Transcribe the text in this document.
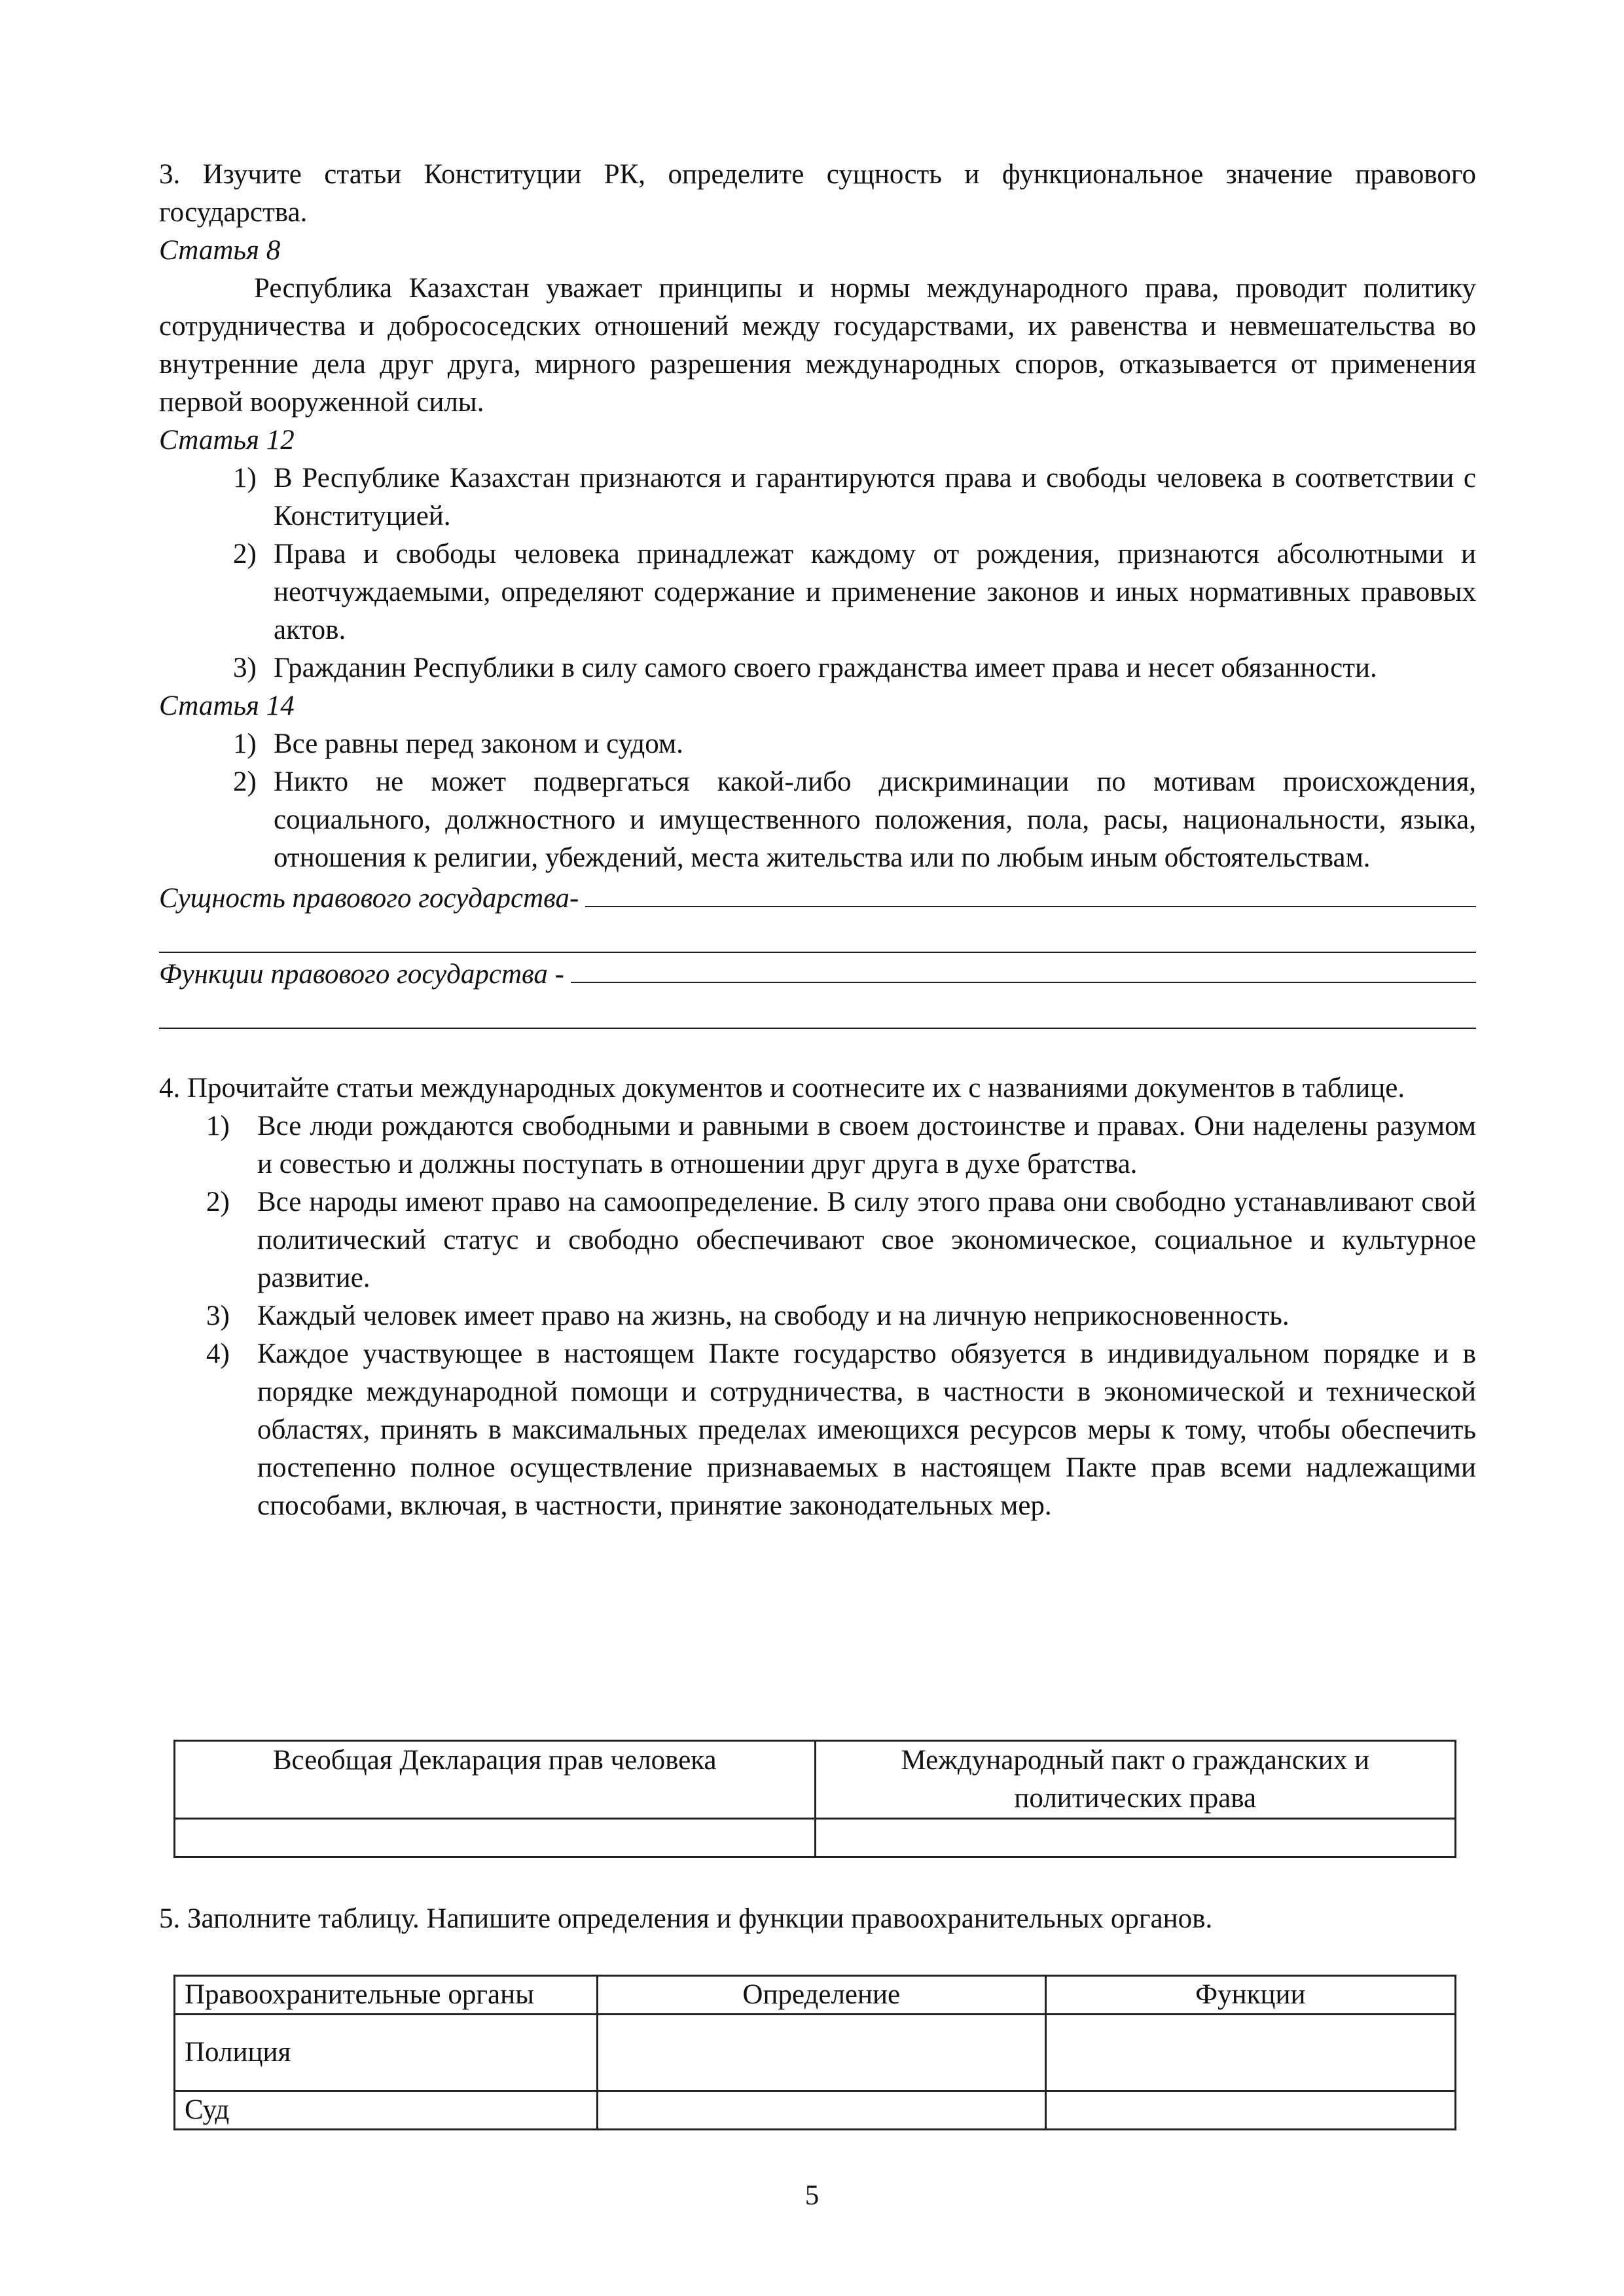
3. Изучите статьи Конституции РК, определите сущность и функциональное значение правового государства.

Статья 8

Республика Казахстан уважает принципы и нормы международного права, проводит политику сотрудничества и добрососедских отношений между государствами, их равенства и невмешательства во внутренние дела друг друга, мирного разрешения международных споров, отказывается от применения первой вооруженной силы.

Статья 12

1) В Республике Казахстан признаются и гарантируются права и свободы человека в соответствии с Конституцией.
2) Права и свободы человека принадлежат каждому от рождения, признаются абсолютными и неотчуждаемыми, определяют содержание и применение законов и иных нормативных правовых актов.
3) Гражданин Республики в силу самого своего гражданства имеет права и несет обязанности.

Статья 14

1) Все равны перед законом и судом.
2) Никто не может подвергаться какой-либо дискриминации по мотивам происхождения, социального, должностного и имущественного положения, пола, расы, национальности, языка, отношения к религии, убеждений, места жительства или по любым иным обстоятельствам.
Сущность правового государства-
Функции правового государства -

4. Прочитайте статьи международных документов и соотнесите их с названиями документов в таблице.

1) Все люди рождаются свободными и равными в своем достоинстве и правах. Они наделены разумом и совестью и должны поступать в отношении друг друга в духе братства.
2) Все народы имеют право на самоопределение. В силу этого права они свободно устанавливают свой политический статус и свободно обеспечивают свое экономическое, социальное и культурное развитие.
3) Каждый человек имеет право на жизнь, на свободу и на личную неприкосновенность.
4) Каждое участвующее в настоящем Пакте государство обязуется в индивидуальном порядке и в порядке международной помощи и сотрудничества, в частности в экономической и технической областях, принять в максимальных пределах имеющихся ресурсов меры к тому, чтобы обеспечить постепенно полное осуществление признаваемых в настоящем Пакте прав всеми надлежащими способами, включая, в частности, принятие законодательных мер.
Всеобщая Декларация прав человека	Международный пакт о гражданских и политических права

5. Заполните таблицу. Напишите определения и функции правоохранительных органов.

Правоохранительные органы	Определение	Функции
Полиция		
Суд		
5
